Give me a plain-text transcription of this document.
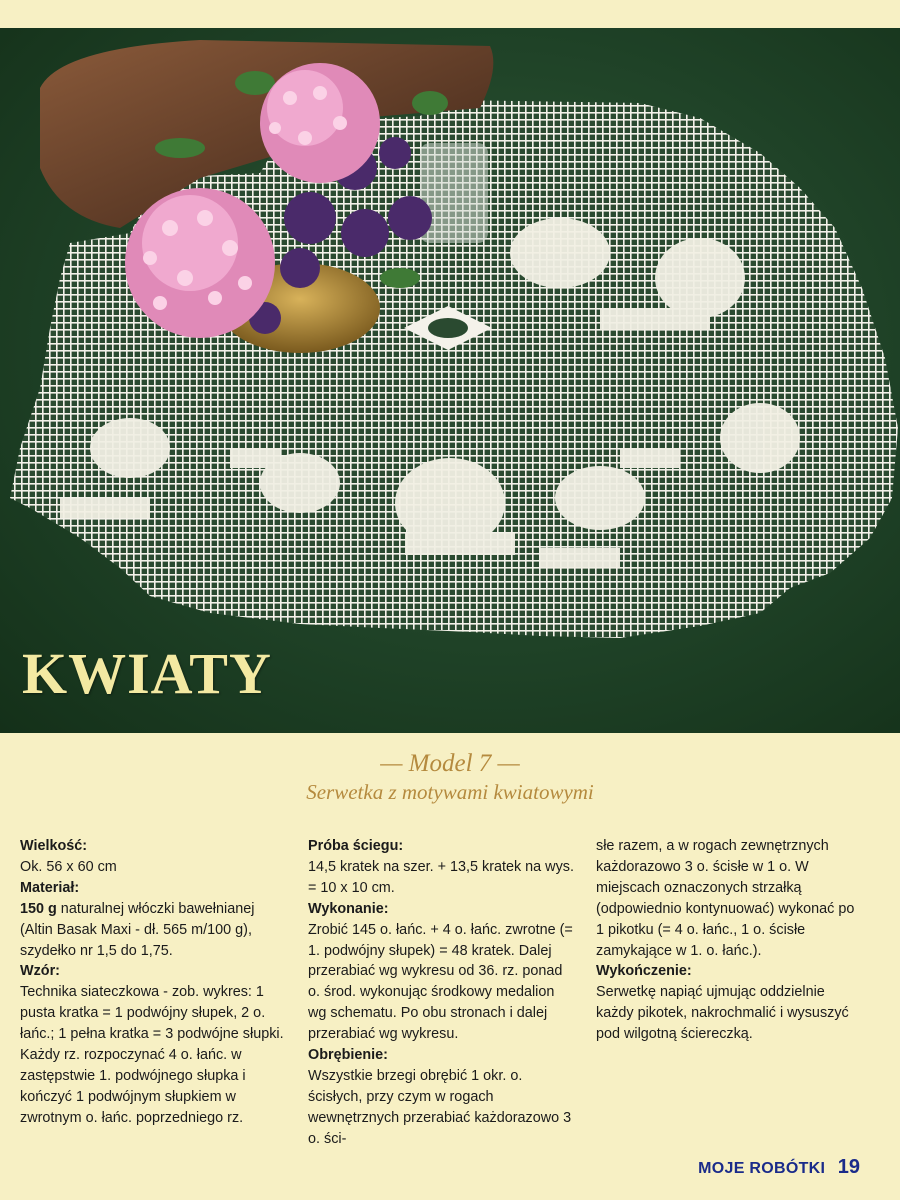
KWIATY
— Model 7 —
Serwetka z motywami kwiatowymi

Wielkość:

Ok. 56 x 60 cm

Materiał:

150 g naturalnej włóczki bawełnianej (Altin Basak Maxi - dł. 565 m/100 g), szydełko nr 1,5 do 1,75.

Wzór:

Technika siateczkowa - zob. wykres: 1 pusta kratka = 1 podwójny słupek, 2 o. łańc.; 1 pełna kratka = 3 podwójne słupki. Każdy rz. rozpoczynać 4 o. łańc. w zastępstwie 1. podwójnego słupka i kończyć 1 podwójnym słupkiem w zwrotnym o. łańc. poprzedniego rz.

Próba ściegu:

14,5 kratek na szer. + 13,5 kratek na wys. = 10 x 10 cm.

Wykonanie:

Zrobić 145 o. łańc. + 4 o. łańc. zwrotne (= 1. podwójny słupek) = 48 kratek. Dalej przerabiać wg wykresu od 36. rz. ponad o. środ. wykonując środkowy medalion wg schematu. Po obu stronach i dalej przerabiać wg wykresu.

Obrębienie:

Wszystkie brzegi obrębić 1 okr. o. ścisłych, przy czym w rogach wewnętrznych przerabiać każdorazowo 3 o. ści-

słe razem, a w rogach zewnętrznych każdorazowo 3 o. ścisłe w 1 o. W miejscach oznaczonych strzałką (odpowiednio kontynuować) wykonać po 1 pikotku (= 4 o. łańc., 1 o. ścisłe zamykające w 1. o. łańc.).

Wykończenie:

Serwetkę napiąć ujmując oddzielnie każdy pikotek, nakrochmalić i wysuszyć pod wilgotną ściereczką.

MOJE ROBÓTKI 19
